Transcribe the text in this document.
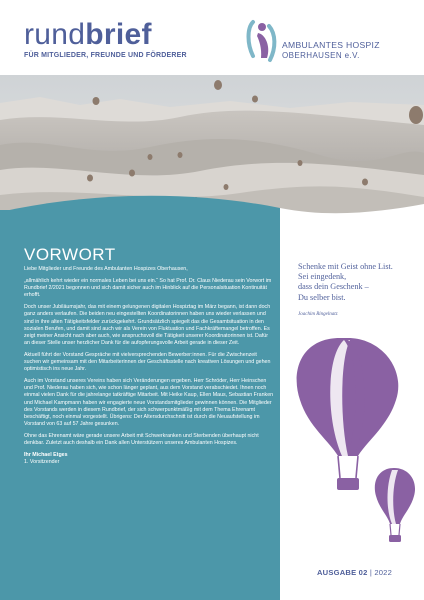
rundbrief
FÜR MITGLIEDER, FREUNDE UND FÖRDERER
AMBULANTES HOSPIZ
OBERHAUSEN e.V.
VORWORT

Liebe Mitglieder und Freunde des Ambulanten Hospizes Oberhausen,

„allmählich kehrt wieder ein normales Leben bei uns ein.“ So hat Prof. Dr. Claus Niederau sein Vorwort im Rundbrief 2/2021 begonnen und sich damit sicher auch im Hinblick auf die Personalsituation Kontinuität erhofft.

Doch unser Jubiläumsjahr, das mit einem gelungenen digitalen Hospiztag im März begann, ist dann doch ganz anders verlaufen. Die beiden neu eingestellten Koordinatorinnen haben uns wieder verlassen und sind in ihre alten Tätigkeitsfelder zurückgekehrt. Grundsätzlich spiegelt das die Gesamtsituation in den sozialen Berufen, und damit sind auch wir als Verein von Fluktuation und Fachkräftemangel betroffen. Es zeigt meiner Ansicht nach aber auch, wie anspruchsvoll die Tätigkeit unserer Koordinatorinnen ist. Dafür an dieser Stelle unser herzlicher Dank für die aufopferungsvolle Arbeit gerade in dieser Zeit.

Aktuell führt der Vorstand Gespräche mit vielversprechenden Bewerber:innen. Für die Zwischenzeit suchen wir gemeinsam mit den Mitarbeiterinnen der Geschäftsstelle nach kreativen Lösungen und gehen optimistisch ins neue Jahr.

Auch im Vorstand unseres Vereins haben sich Veränderungen ergeben. Herr Schröder, Herr Heinschen und Prof. Niederau haben sich, wie schon länger geplant, aus dem Vorstand verabschiedet. Ihnen noch einmal vielen Dank für die jahrelange tatkräftige Mitarbeit. Mit Heike Kaup, Ellen Maus, Sebastian Franken und Michael Kampmann haben wir engagierte neue Vorstandsmitglieder gewinnen können. Die Mitglieder des Vorstands werden in diesem Rundbrief, der sich schwerpunktmäßig mit dem Thema Ehrenamt beschäftigt, noch einmal vorgestellt. Übrigens: Der Altersdurchschnitt ist durch die Neuaufstellung im Vorstand von 63 auf 57 Jahre gesunken.

Ohne das Ehrenamt wäre gerade unsere Arbeit mit Schwerkranken und Sterbenden überhaupt nicht denkbar. Zuletzt auch deshalb ein Dank allen Unterstützern unseres Ambulanten Hospizes.

Ihr Michael Etges
1. Vorsitzender
Schenke mit Geist ohne List.
Sei eingedenk,
dass dein Geschenk –
Du selber bist.
Joachim Ringelnatz
AUSGABE 02 | 2022
